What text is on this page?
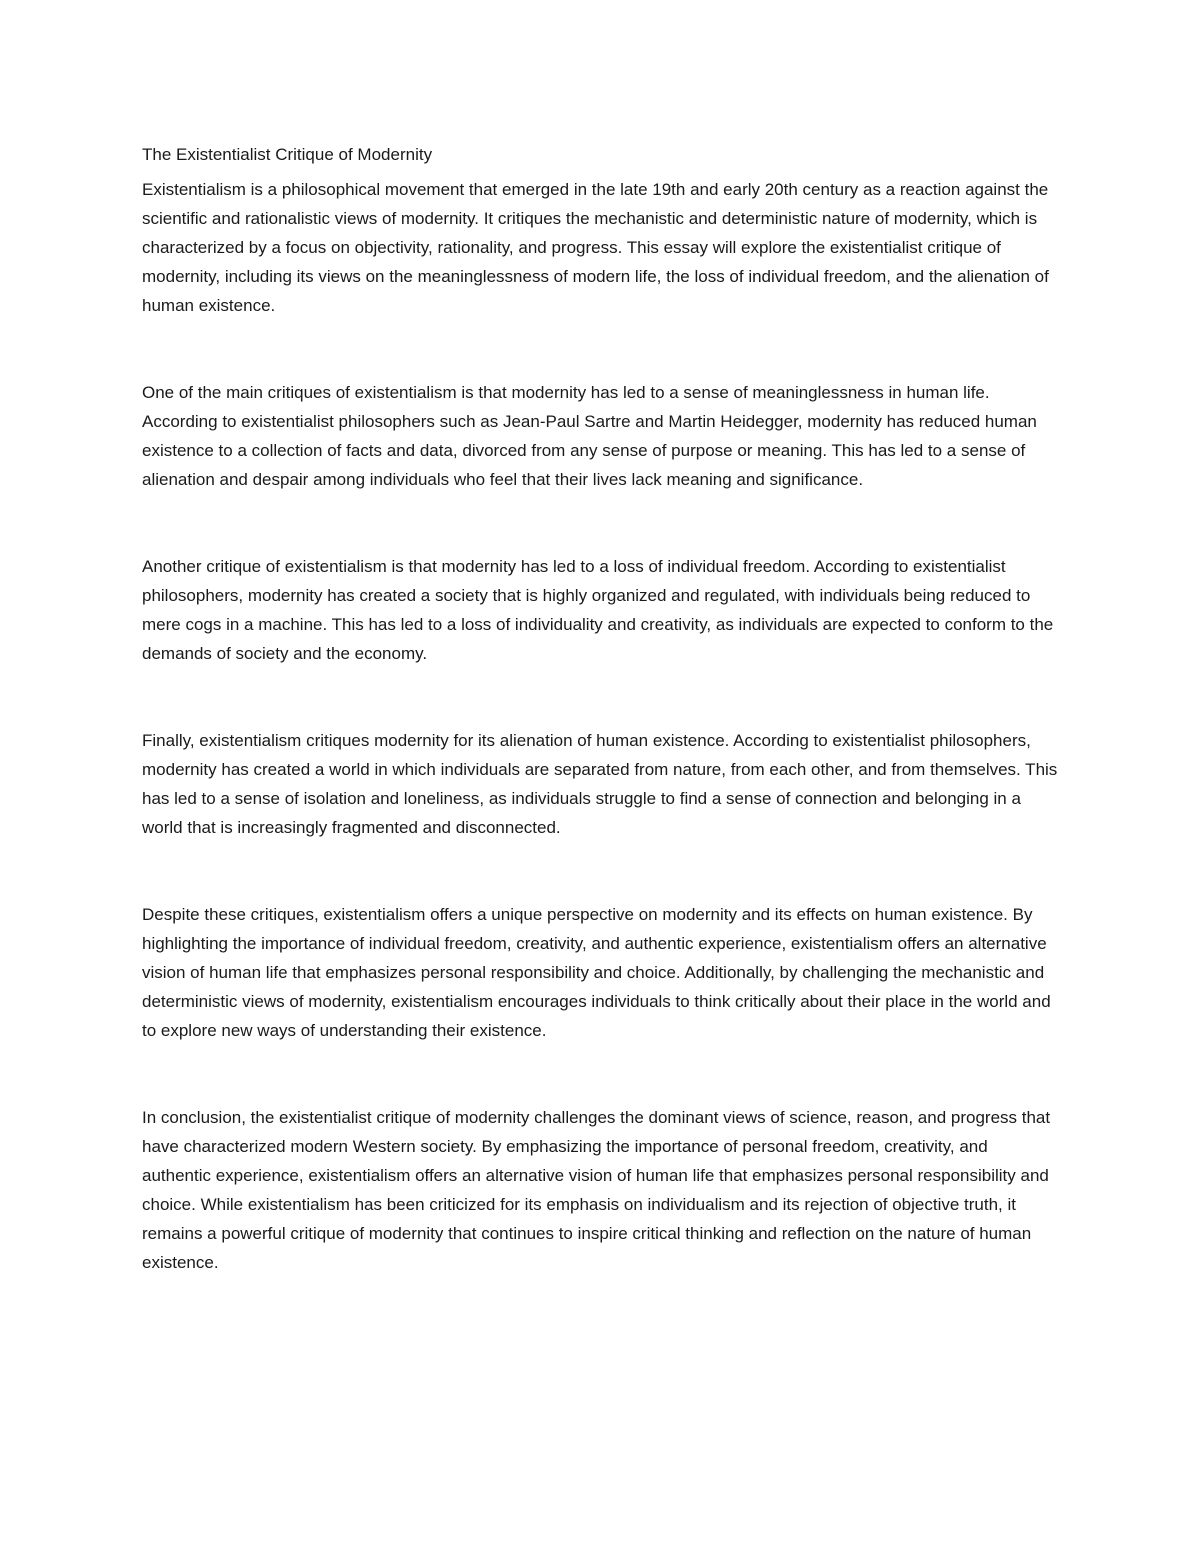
The Existentialist Critique of Modernity

Existentialism is a philosophical movement that emerged in the late 19th and early 20th century as a reaction against the scientific and rationalistic views of modernity. It critiques the mechanistic and deterministic nature of modernity, which is characterized by a focus on objectivity, rationality, and progress. This essay will explore the existentialist critique of modernity, including its views on the meaninglessness of modern life, the loss of individual freedom, and the alienation of human existence.

One of the main critiques of existentialism is that modernity has led to a sense of meaninglessness in human life. According to existentialist philosophers such as Jean-Paul Sartre and Martin Heidegger, modernity has reduced human existence to a collection of facts and data, divorced from any sense of purpose or meaning. This has led to a sense of alienation and despair among individuals who feel that their lives lack meaning and significance.

Another critique of existentialism is that modernity has led to a loss of individual freedom. According to existentialist philosophers, modernity has created a society that is highly organized and regulated, with individuals being reduced to mere cogs in a machine. This has led to a loss of individuality and creativity, as individuals are expected to conform to the demands of society and the economy.

Finally, existentialism critiques modernity for its alienation of human existence. According to existentialist philosophers, modernity has created a world in which individuals are separated from nature, from each other, and from themselves. This has led to a sense of isolation and loneliness, as individuals struggle to find a sense of connection and belonging in a world that is increasingly fragmented and disconnected.

Despite these critiques, existentialism offers a unique perspective on modernity and its effects on human existence. By highlighting the importance of individual freedom, creativity, and authentic experience, existentialism offers an alternative vision of human life that emphasizes personal responsibility and choice. Additionally, by challenging the mechanistic and deterministic views of modernity, existentialism encourages individuals to think critically about their place in the world and to explore new ways of understanding their existence.

In conclusion, the existentialist critique of modernity challenges the dominant views of science, reason, and progress that have characterized modern Western society. By emphasizing the importance of personal freedom, creativity, and authentic experience, existentialism offers an alternative vision of human life that emphasizes personal responsibility and choice. While existentialism has been criticized for its emphasis on individualism and its rejection of objective truth, it remains a powerful critique of modernity that continues to inspire critical thinking and reflection on the nature of human existence.
